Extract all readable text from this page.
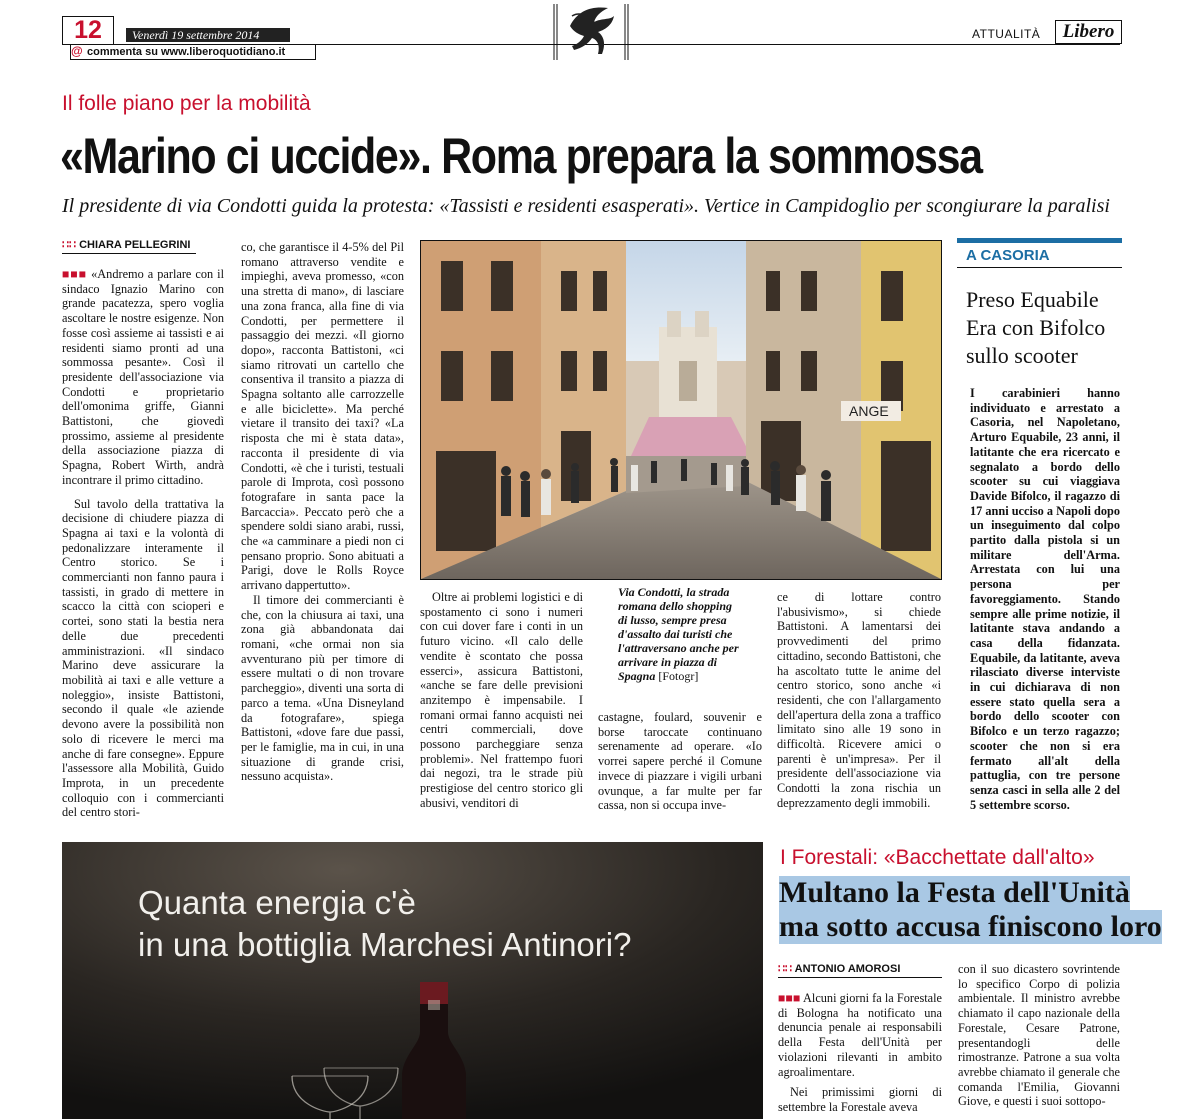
12	Venerdì 19 settembre 2014
commenta su www.liberoquotidiano.it
@
ATTUALITÀ	Libero
Il folle piano per la mobilità
«Marino ci uccide». Roma prepara la sommossa
Il presidente di via Condotti guida la protesta: «Tassisti e residenti esasperati». Vertice in Campidoglio per scongiurare la paralisi
∷∷ CHIARA PELLEGRINI

■■■ «Andremo a parlare con il sindaco Ignazio Marino con grande pacatezza, spero voglia ascoltare le nostre esigenze. Non fosse così assieme ai tassisti e ai residenti siamo pronti ad una sommossa pesante». Così il presidente dell'associazione via Condotti e proprietario dell'omonima griffe, Gianni Battistoni, che giovedì prossimo, assieme al presidente della associazione piazza di Spagna, Robert Wirth, andrà incontrare il primo cittadino.

Sul tavolo della trattativa la decisione di chiudere piazza di Spagna ai taxi e la volontà di pedonalizzare interamente il Centro storico. Se i commercianti non fanno paura i tassisti, in grado di mettere in scacco la città con scioperi e cortei, sono stati la bestia nera delle due precedenti amministrazioni. «Il sindaco Marino deve assicurare la mobilità ai taxi e alle vetture a noleggio», insiste Battistoni, secondo il quale «le aziende devono avere la possibilità non solo di ricevere le merci ma anche di fare consegne». Eppure l'assessore alla Mobilità, Guido Improta, in un precedente colloquio con i commercianti del centro stori-

co, che garantisce il 4-5% del Pil romano attraverso vendite e impieghi, aveva promesso, «con una stretta di mano», di lasciare una zona franca, alla fine di via Condotti, per permettere il passaggio dei mezzi. «Il giorno dopo», racconta Battistoni, «ci siamo ritrovati un cartello che consentiva il transito a piazza di Spagna soltanto alle carrozzelle e alle biciclette». Ma perché vietare il transito dei taxi? «La risposta che mi è stata data», racconta il presidente di via Condotti, «è che i turisti, testuali parole di Improta, così possono fotografare in santa pace la Barcaccia». Peccato però che a spendere soldi siano arabi, russi, che «a camminare a piedi non ci pensano proprio. Sono abituati a Parigi, dove le Rolls Royce arrivano dappertutto».

Il timore dei commercianti è che, con la chiusura ai taxi, una zona già abbandonata dai romani, «che ormai non sia avventurano più per timore di essere multati o di non trovare parcheggio», diventi una sorta di parco a tema. «Una Disneyland da fotografare», spiega Battistoni, «dove fare due passi, per le famiglie, ma in cui, in una situazione di grande crisi, nessuno acquista».

ANGE
Via Condotti, la strada romana dello shopping di lusso, sempre presa d'assalto dai turisti che l'attraversano anche per arrivare in piazza di Spagna [Fotogr]

Oltre ai problemi logistici e di spostamento ci sono i numeri con cui dover fare i conti in un futuro vicino. «Il calo delle vendite è scontato che possa esserci», assicura Battistoni, «anche se fare delle previsioni anzitempo è impensabile. I romani ormai fanno acquisti nei centri commerciali, dove possono parcheggiare senza problemi». Nel frattempo fuori dai negozi, tra le strade più prestigiose del centro storico gli abusivi, venditori di

castagne, foulard, souvenir e borse taroccate continuano serenamente ad operare. «Io vorrei sapere perché il Comune invece di piazzare i vigili urbani ovunque, a far multe per far cassa, non si occupa inve-

ce di lottare contro l'abusivismo», si chiede Battistoni. A lamentarsi dei provvedimenti del primo cittadino, secondo Battistoni, che ha ascoltato tutte le anime del centro storico, sono anche «i residenti, che con l'allargamento dell'apertura della zona a traffico limitato sino alle 19 sono in difficoltà. Ricevere amici o parenti è un'impresa». Per il presidente dell'associazione via Condotti la zona rischia un deprezzamento degli immobili.

A CASORIA
Preso Equabile
Era con Bifolco
sullo scooter
I carabinieri hanno individuato e arrestato a Casoria, nel Napoletano, Arturo Equabile, 23 anni, il latitante che era ricercato e segnalato a bordo dello scooter su cui viaggiava Davide Bifolco, il ragazzo di 17 anni ucciso a Napoli dopo un inseguimento dal colpo partito dalla pistola si un militare dell'Arma. Arrestata con lui una persona per favoreggiamento. Stando sempre alle prime notizie, il latitante stava andando a casa della fidanzata. Equabile, da latitante, aveva rilasciato diverse interviste in cui dichiarava di non essere stato quella sera a bordo dello scooter con Bifolco e un terzo ragazzo; scooter che non si era fermato all'alt della pattuglia, con tre persone senza casci in sella alle 2 del 5 settembre scorso.
Quanta energia c'è
in una bottiglia Marchesi Antinori?
I Forestali: «Bacchettate dall'alto»
Multano la Festa dell'Unità
ma sotto accusa finiscono loro
∷∷ ANTONIO AMOROSI

■■■ Alcuni giorni fa la Forestale di Bologna ha notificato una denuncia penale ai responsabili della Festa dell'Unità per violazioni rilevanti in ambito agroalimentare.

Nei primissimi giorni di settembre la Forestale aveva

con il suo dicastero sovrintende lo specifico Corpo di polizia ambientale. Il ministro avrebbe chiamato il capo nazionale della Forestale, Cesare Patrone, presentandogli delle rimostranze. Patrone a sua volta avrebbe chiamato il generale che comanda l'Emilia, Giovanni Giove, e questi i suoi sottopo-
